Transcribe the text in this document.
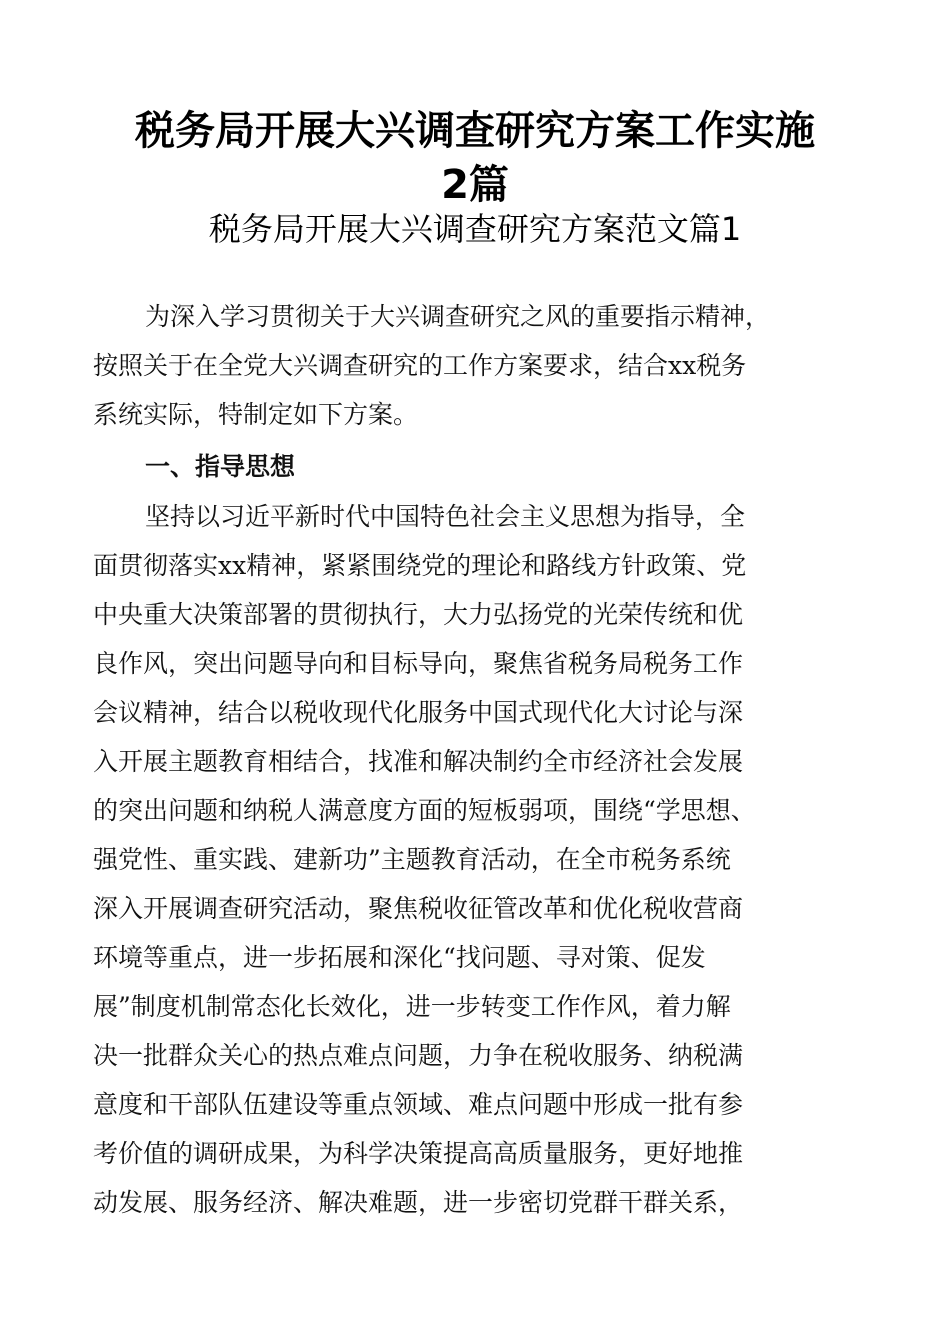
税务局开展大兴调查研究方案工作实施
2篇
税务局开展大兴调查研究方案范文篇1
为深入学习贯彻关于大兴调查研究之风的重要指示精神，
按照关于在全党大兴调查研究的工作方案要求，结合xx税务
系统实际，特制定如下方案。
一、指导思想
坚持以习近平新时代中国特色社会主义思想为指导，全
面贯彻落实xx精神，紧紧围绕党的理论和路线方针政策、党
中央重大决策部署的贯彻执行，大力弘扬党的光荣传统和优
良作风，突出问题导向和目标导向，聚焦省税务局税务工作
会议精神，结合以税收现代化服务中国式现代化大讨论与深
入开展主题教育相结合，找准和解决制约全市经济社会发展
的突出问题和纳税人满意度方面的短板弱项，围绕“学思想、
强党性、重实践、建新功”主题教育活动，在全市税务系统
深入开展调查研究活动，聚焦税收征管改革和优化税收营商
环境等重点，进一步拓展和深化“找问题、寻对策、促发
展”制度机制常态化长效化，进一步转变工作作风，着力解
决一批群众关心的热点难点问题，力争在税收服务、纳税满
意度和干部队伍建设等重点领域、难点问题中形成一批有参
考价值的调研成果，为科学决策提高高质量服务，更好地推
动发展、服务经济、解决难题，进一步密切党群干群关系，
